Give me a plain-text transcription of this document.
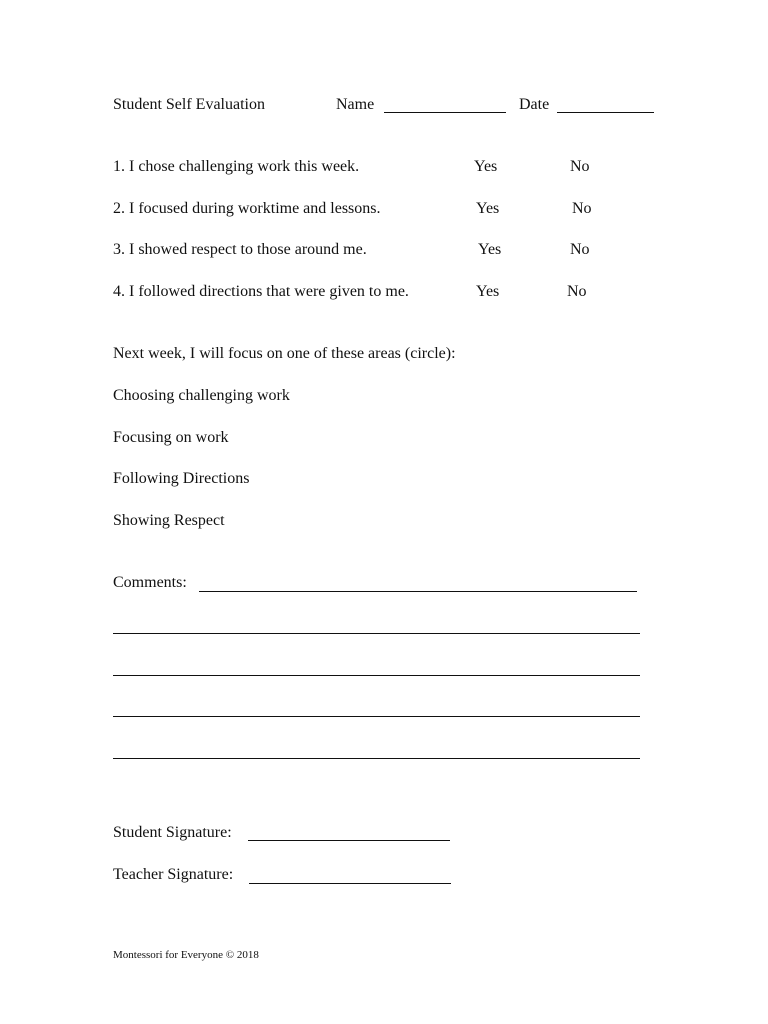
Student Self Evaluation	Name	Date
1. I chose challenging work this week.	Yes	No
2. I focused during worktime and lessons.	Yes	No
3. I showed respect to those around me.	Yes	No
4. I followed directions that were given to me.	Yes	No
Next week, I will focus on one of these areas (circle):
Choosing challenging work
Focusing on work
Following Directions
Showing Respect
Comments:
Student Signature:
Teacher Signature:
Montessori for Everyone © 2018
